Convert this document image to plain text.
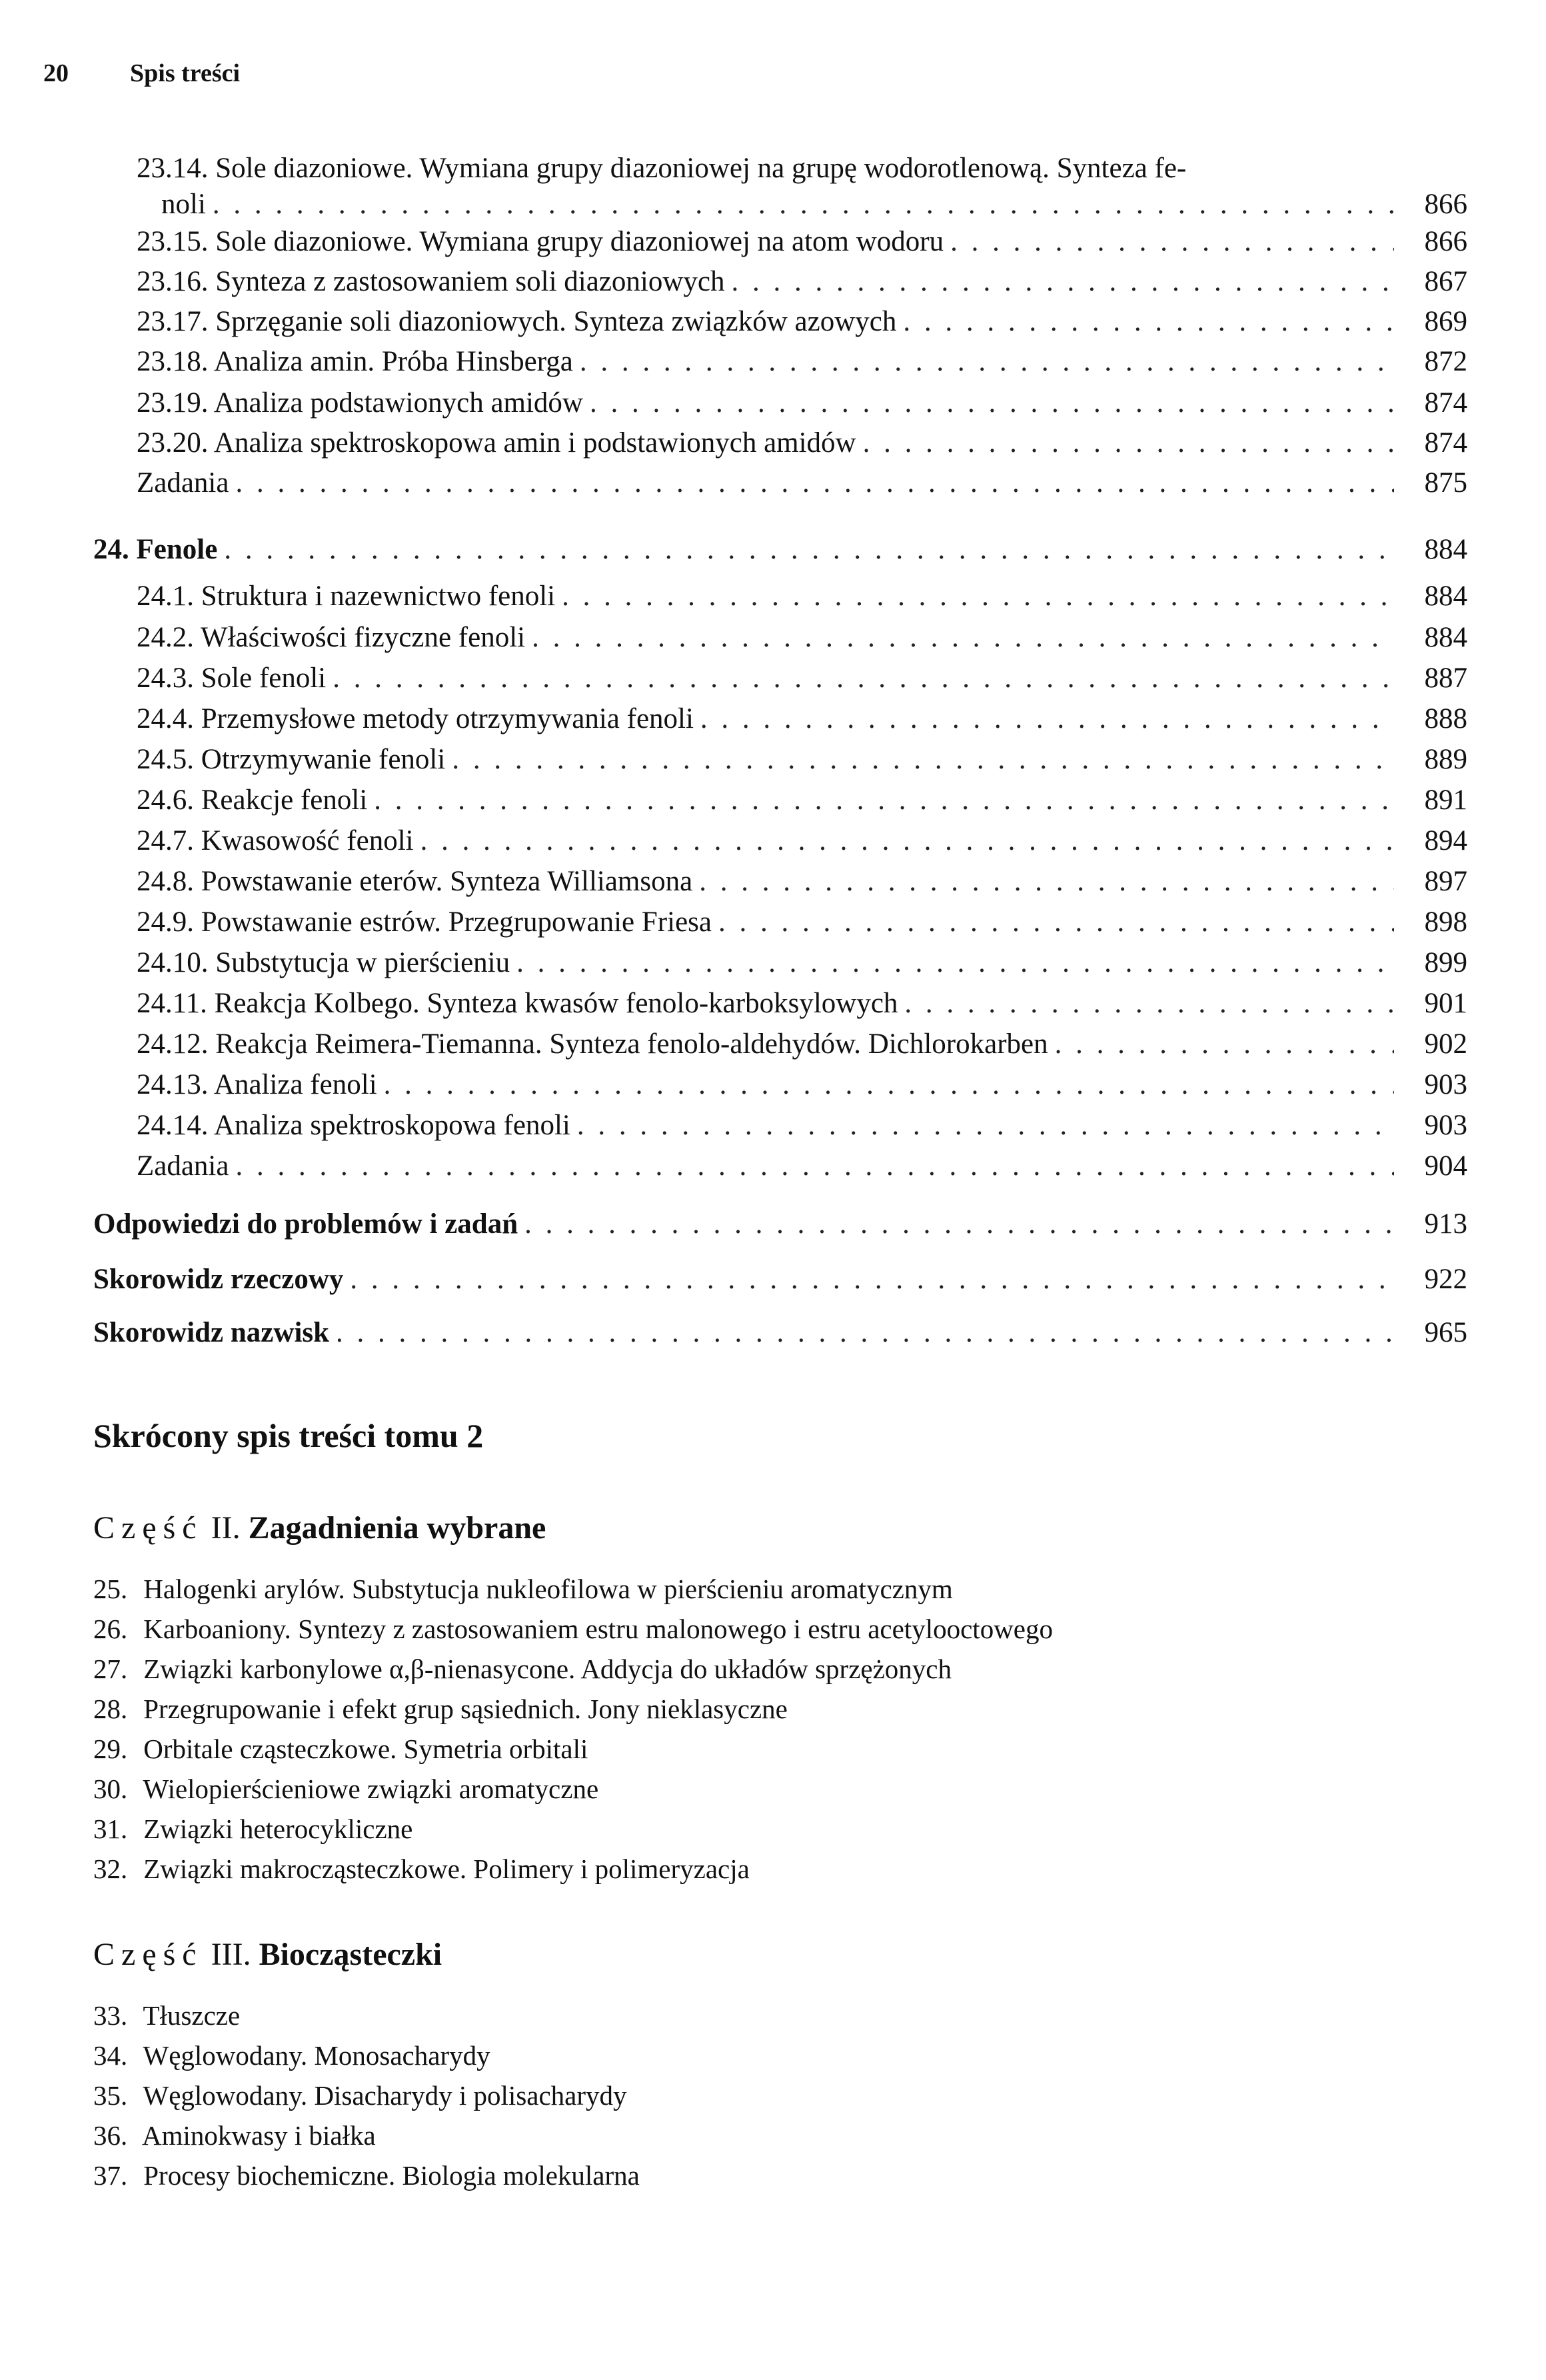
20 Spis treści
23.14. Sole diazoniowe. Wymiana grupy diazoniowej na grupę wodorotlenową. Synteza fe-
noli . . .	866
23.15. Sole diazoniowe. Wymiana grupy diazoniowej na atom wodoru . . .	866
23.16. Synteza z zastosowaniem soli diazoniowych . . .	867
23.17. Sprzęganie soli diazoniowych. Synteza związków azowych . . .	869
23.18. Analiza amin. Próba Hinsberga . . .	872
23.19. Analiza podstawionych amidów . . .	874
23.20. Analiza spektroskopowa amin i podstawionych amidów . . .	874
Zadania . . .	875
24. Fenole . . .	884
24.1. Struktura i nazewnictwo fenoli . . .	884
24.2. Właściwości fizyczne fenoli . . .	884
24.3. Sole fenoli . . .	887
24.4. Przemysłowe metody otrzymywania fenoli . . .	888
24.5. Otrzymywanie fenoli . . .	889
24.6. Reakcje fenoli . . .	891
24.7. Kwasowość fenoli . . .	894
24.8. Powstawanie eterów. Synteza Williamsona . . .	897
24.9. Powstawanie estrów. Przegrupowanie Friesa . . .	898
24.10. Substytucja w pierścieniu . . .	899
24.11. Reakcja Kolbego. Synteza kwasów fenolo-karboksylowych . . .	901
24.12. Reakcja Reimera-Tiemanna. Synteza fenolo-aldehydów. Dichlorokarben . . .	902
24.13. Analiza fenoli . . .	903
24.14. Analiza spektroskopowa fenoli . . .	903
Zadania . . .	904
Odpowiedzi do problemów i zadań . . .	913
Skorowidz rzeczowy . . .	922
Skorowidz nazwisk . . .	965
Skrócony spis treści tomu 2
Część II. Zagadnienia wybrane
25. Halogenki arylów. Substytucja nukleofilowa w pierścieniu aromatycznym
26. Karboaniony. Syntezy z zastosowaniem estru malonowego i estru acetylooctowego
27. Związki karbonylowe α,β-nienasycone. Addycja do układów sprzężonych
28. Przegrupowanie i efekt grup sąsiednich. Jony nieklasyczne
29. Orbitale cząsteczkowe. Symetria orbitali
30. Wielopierścieniowe związki aromatyczne
31. Związki heterocykliczne
32. Związki makrocząsteczkowe. Polimery i polimeryzacja
Część III. Biocząsteczki
33. Tłuszcze
34. Węglowodany. Monosacharydy
35. Węglowodany. Disacharydy i polisacharydy
36. Aminokwasy i białka
37. Procesy biochemiczne. Biologia molekularna
